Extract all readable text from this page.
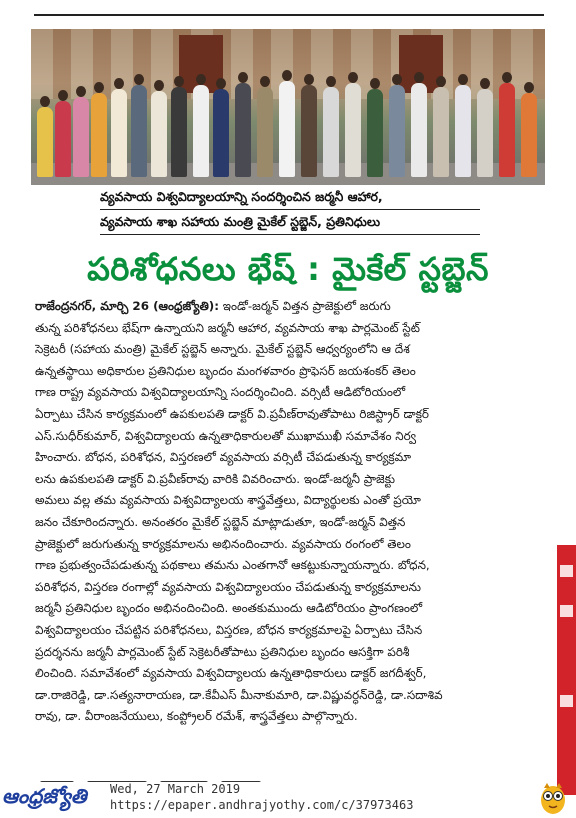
వ్యవసాయ విశ్వవిద్యాలయాన్ని సందర్శించిన జర్మనీ ఆహార,
వ్యవసాయ శాఖ సహాయ మంత్రి మైకేల్ స్టబ్జెన్, ప్రతినిధులు
పరిశోధనలు భేష్ : మైకేల్ స్టబ్జెన్
రాజేంద్రనగర్, మార్చి 26 (ఆంధ్రజ్యోతి): ఇండో-జర్మన్ విత్తన ప్రాజెక్టులో జరుగు
తున్న పరిశోధనలు భేష్‌గా ఉన్నాయని జర్మనీ ఆహార, వ్యవసాయ శాఖ పార్లమెంట్ స్టేట్
సెక్రెటరీ (సహాయ మంత్రి) మైకేల్ స్టబ్జెన్ అన్నారు. మైకేల్ స్టబ్జెన్ ఆధ్వర్యంలోని ఆ దేశ
ఉన్నతస్థాయి అధికారుల ప్రతినిధుల బృందం మంగళవారం ప్రొఫెసర్ జయశంకర్ తెలం
గాణ రాష్ట్ర వ్యవసాయ విశ్వవిద్యాలయాన్ని సందర్శించింది. వర్సిటీ ఆడిటోరియంలో
ఏర్పాటు చేసిన కార్యక్రమంలో ఉపకులపతి డాక్టర్ వి.ప్రవీణ్‌రావుతోపాటు రిజిస్ట్రార్ డాక్టర్
ఎస్.సుధీర్‌కుమార్, విశ్వవిద్యాలయ ఉన్నతాధికారులతో ముఖాముఖీ సమావేశం నిర్వ
హించారు. బోధన, పరిశోధన, విస్తరణలో వ్యవసాయ వర్సిటీ చేపడుతున్న కార్యక్రమా
లను ఉపకులపతి డాక్టర్ వి.ప్రవీణ్‌రావు వారికి వివరించారు. ఇండో-జర్మనీ ప్రాజెక్టు
అమలు వల్ల తమ వ్యవసాయ విశ్వవిద్యాలయ శాస్త్రవేత్తలు, విద్యార్థులకు ఎంతో ప్రయో
జనం చేకూరిందన్నారు. అనంతరం మైకేల్ స్టబ్జెన్ మాట్లాడుతూ, ఇండో-జర్మన్ విత్తన
ప్రాజెక్టులో జరుగుతున్న కార్యక్రమాలను అభినందించారు. వ్యవసాయ రంగంలో తెలం
గాణ ప్రభుత్వంచేపడుతున్న పథకాలు తమను ఎంతగానో ఆకట్టుకున్నాయన్నారు. బోధన,
పరిశోధన, విస్తరణ రంగాల్లో వ్యవసాయ విశ్వవిద్యాలయం చేపడుతున్న కార్యక్రమాలను
జర్మనీ ప్రతినిధుల బృందం అభినందించింది. అంతకుముందు ఆడిటోరియం ప్రాంగణంలో
విశ్వవిద్యాలయం చేపట్టిన పరిశోధనలు, విస్తరణ, బోధన కార్యక్రమాలపై ఏర్పాటు చేసిన
ప్రదర్శనను జర్మనీ పార్లమెంట్ స్టేట్ సెక్రెటరీతోపాటు ప్రతినిధుల బృందం ఆసక్తిగా పరిశీ
లించింది. సమావేశంలో వ్యవసాయ విశ్వవిద్యాలయ ఉన్నతాధికారులు డాక్టర్ జగదీశ్వర్,
డా.రాజిరెడ్డి, డా.సత్యనారాయణ, డా.కేవీఎస్ మీనాకుమారి, డా.విష్ణువర్ధన్‌రెడ్డి, డా.సదాశివ
రావు, డా. వీరాంజనేయులు, కంప్ట్రోలర్ రమేశ్, శాస్త్రవేత్తలు పాల్గొన్నారు.

ఆంధ్రజ్యోతి Wed, 27 March 2019
https://epaper.andhrajyothy.com/c/37973463
